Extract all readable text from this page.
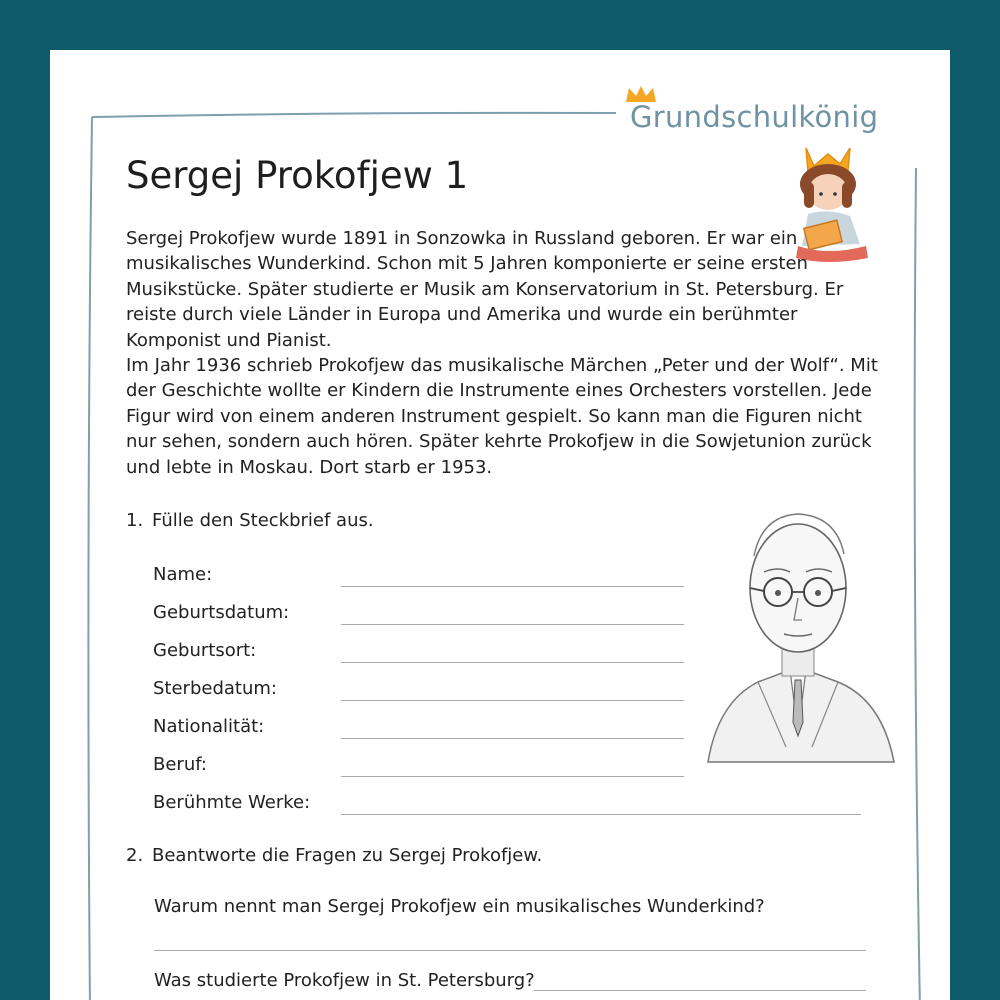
Grundschulkönig
Sergej Prokofjew 1

Sergej Prokofjew wurde 1891 in Sonzowka in Russland geboren. Er war ein musikalisches Wunderkind. Schon mit 5 Jahren komponierte er seine ersten Musikstücke. Später studierte er Musik am Konservatorium in St. Petersburg. Er reiste durch viele Länder in Europa und Amerika und wurde ein berühmter Komponist und Pianist.

Im Jahr 1936 schrieb Prokofjew das musikalische Märchen „Peter und der Wolf“. Mit der Geschichte wollte er Kindern die Instrumente eines Orchesters vorstellen. Jede Figur wird von einem anderen Instrument gespielt. So kann man die Figuren nicht nur sehen, sondern auch hören. Später kehrte Prokofjew in die Sowjetunion zurück und lebte in Moskau. Dort starb er 1953.

1. Fülle den Steckbrief aus.
Name:
Geburtsdatum:
Geburtsort:
Sterbedatum:
Nationalität:
Beruf:
Berühmte Werke:
2. Beantworte die Fragen zu Sergej Prokofjew.
Warum nennt man Sergej Prokofjew ein musikalisches Wunderkind?
Was studierte Prokofjew in St. Petersburg?
